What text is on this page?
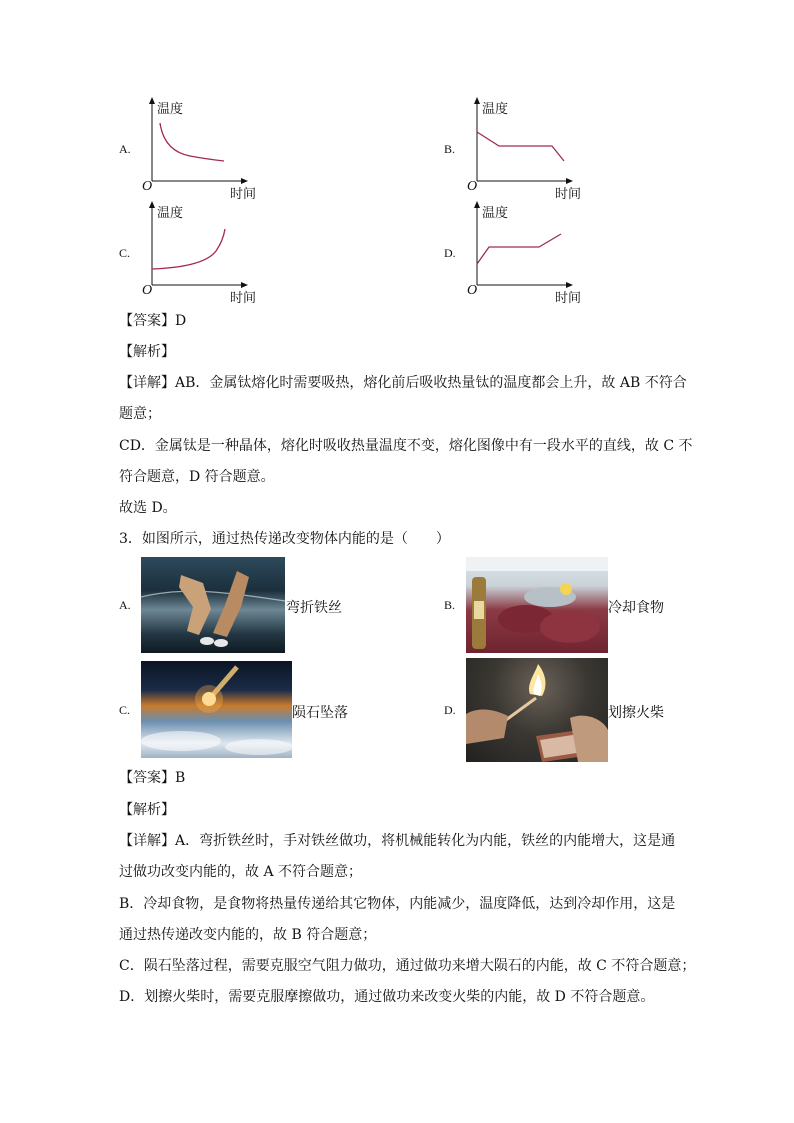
A.
温度
O
时间
B.
温度
O
时间
C.
温度
O
时间
D.
温度
O
时间
【答案】D
【解析】
【详解】AB．金属钛熔化时需要吸热，熔化前后吸收热量钛的温度都会上升，故 AB 不符合
题意；
CD．金属钛是一种晶体，熔化时吸收热量温度不变，熔化图像中有一段水平的直线，故 C 不
符合题意，D 符合题意。
故选 D。
3．如图所示，通过热传递改变物体内能的是（　　）
A.	弯折铁丝	B.	冷却食物
C.	陨石坠落	D.	划擦火柴
【答案】B
【解析】
【详解】A．弯折铁丝时，手对铁丝做功，将机械能转化为内能，铁丝的内能增大，这是通
过做功改变内能的，故 A 不符合题意；
B．冷却食物，是食物将热量传递给其它物体，内能减少，温度降低，达到冷却作用，这是
通过热传递改变内能的，故 B 符合题意；
C．陨石坠落过程，需要克服空气阻力做功，通过做功来增大陨石的内能，故 C 不符合题意；
D．划擦火柴时，需要克服摩擦做功，通过做功来改变火柴的内能，故 D 不符合题意。
